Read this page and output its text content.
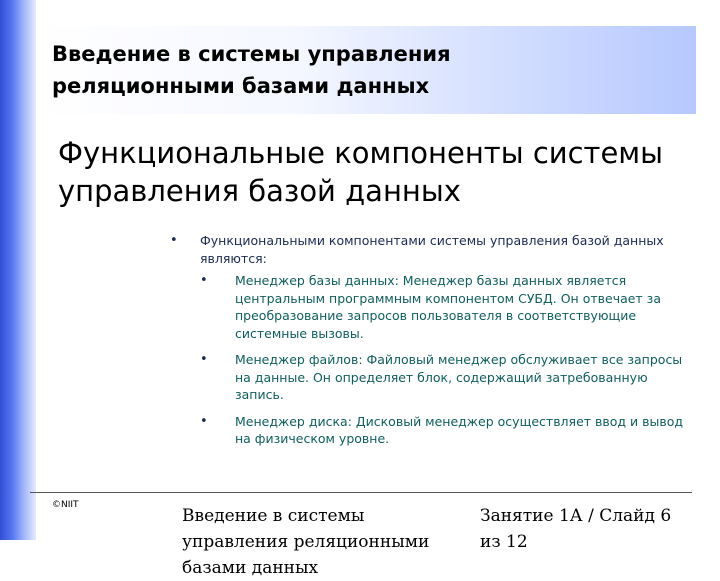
Введение в системы управления реляционными базами данных
Функциональные компоненты системы управления базой данных
• Функциональными компонентами системы управления базой данных являются:
• Менеджер базы данных: Менеджер базы данных является центральным программным компонентом СУБД. Он отвечает за преобразование запросов пользователя в соответствующие системные вызовы.
• Менеджер файлов: Файловый менеджер обслуживает все запросы на данные. Он определяет блок, содержащий затребованную запись.
• Менеджер диска: Дисковый менеджер осуществляет ввод и вывод на физическом уровне.
©NIIT
Введение в системы управления реляционными базами данных
Занятие 1А / Слайд 6 из 12
